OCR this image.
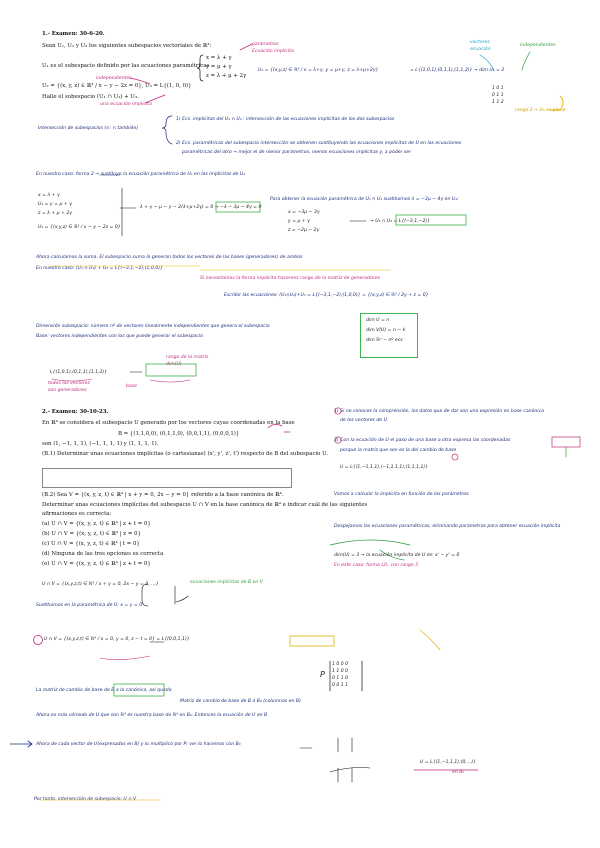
1.- Examen: 30-6-20.
Sean U₁, U₂ y U₃ los siguientes subespacios vectoriales de ℝ³:
U₁ es el subespacio definido por las ecuaciones paramétricas
x = λ + γ
y = μ + γ
z = λ + μ + 2γ
U₂ = {(x, y, z) ∈ ℝ³ / x − y − 2z = 0}, U₃ = L{(1, 0, 0)}
Halle el subespacio (U₁ ∩ U₂) + U₃.
parámetros
Ecuación implícita
independientes
una ecuación implícita
U₁ = {(x,y,z) ∈ ℝ³ / x = λ+γ, y = μ+γ, z = λ+μ+2γ}	= L{(1,0,1),(0,1,1),(1,1,2)} → dim U₁ = 2
vectores
ecuación
independientes
1 0 1
0 1 1
1 1 2
rango 2 → U₁ es plano
Intersección de subespacios (∩: ∩ también)
1) Ecs. implícitas del U₁ ∩ U₂ : intersección de las ecuaciones implícitas de los dos subespacios
2) Ecs. paramétricas del subespacio intersección se obtienen sustituyendo las ecuaciones implícitas de U en las ecuaciones
paramétricas del otro → mejor el de menor parámetros, menos ecuaciones implícitas y, a poder ser
En nuestro caso: forma 2 → sustituyo la ecuación paramétrica de U₁ en las implícitas de U₂
x = λ + γ
U₁ = y = μ + γ
z = λ + μ + 2γ
U₂ = {(x,y,z) ∈ ℝ³ / x − y − 2z = 0}
λ + γ − μ − γ − 2(λ+μ+2γ) = 0 → −λ − 3μ − 4γ = 0
Para obtener la ecuación paramétrica de U₁ ∩ U₂ sustituimos λ = −3μ − 4γ en U₁:
x = −3μ − 3γ
y = μ + γ
z = −2μ − 2γ
→ U₁ ∩ U₂ = L{(−3,1,−2)}
Ahora calculamos la suma. El subespacio suma lo generan todos los vectores de las bases (generadores) de ambos
En nuestro caso: (U₁ ∩ U₂) + U₃ = L{(−3,1,−2),(1,0,0)}
Si necesitamos la forma implícita hacemos rango de la matriz de generadores
Escribir las ecuaciones: (U₁∩U₂)+U₃ = L{(−3,1,−2),(1,0,0)} = {(x,y,z) ∈ ℝ³ / 2y + z = 0}
Dimensión subespacio: número nº de vectores linealmente independientes que genera el subespacio
Base: vectores independientes con los que puede generar el subespacio
dim U = n
dim V(U) = n − k
dim ℝⁿ − nº ecs
L{(1,0,1),(0,1,1),(1,1,2)}
todos los vectores
son generadores
base
rango de la matriz
dim(U)
2.- Examen: 30-10-23.
En ℝ⁴ se considera el subespacio U generado por los vectores cuyas coordenadas en la base
B = {(1,1,0,0), (0,1,1,0), (0,0,1,1), (0,0,0,1)}
son (1, −1, 1, 1), (−1, 1, 1, 1) y (1, 1, 1, 1).
(B.1) Determinar unas ecuaciones implícitas (o cartesianas) (x', y', z', t') respecto de B del subespacio U.
(B.2) Sea V = {(x, y, z, t) ∈ ℝ⁴ | x + y = 0, 2x − y = 0} referido a la base canónica de ℝ⁴.
Determinar unas ecuaciones implícitas del subespacio U ∩ V en la base canónica de ℝ⁴ e indicar cuál de las siguientes
afirmaciones es correcta:
(a) U ∩ V = {(x, y, z, t) ∈ ℝ⁴ | z + t = 0}
(b) U ∩ V = {(x, y, z, t) ∈ ℝ⁴ | z = 0}
(c) U ∩ V = {(x, y, z, t) ∈ ℝ⁴ | t = 0}
(d) Ninguna de las tres opciones es correcta
(e) U ∩ V = {(x, y, z, t) ∈ ℝ⁴ | z + t = 0}
1) Si no conoces la comprensión, los datos que de dar son una expresión en base canónica
de los vectores de U
2) Con la ecuación de U el paso de una base a otra expresa las coordenadas
porque la matriz que son es la del cambio de base
U = L{(1,−1,1,1),(−1,1,1,1),(1,1,1,1)}
Vamos a calcular la implícita en función de los parámetros
Despejamos las ecuaciones paramétricas, eliminando parámetros para obtener ecuación implícita
dim(U) = 3 → la ecuación implícita de U es: x' − y' = 0
En este caso: forma (2), con rango 3
U ∩ V = {(x,y,z,t) ∈ ℝ⁴ / x + y = 0, 2x − y = 0, …}
Sustituimos en la paramétrica de U: x = y = 0
ecuaciones implícitas de B en V
U ∩ V = {(x,y,z,t) ∈ ℝ⁴ / x = 0, y = 0, z − t = 0} = L{(0,0,1,1)}
P
1 0 0 0
1 1 0 0
0 1 1 0
0 0 1 1
La matriz de cambio de base de B a la canónica, así queda
Matriz de cambio de base de B a B₀ (columnas en B)
Ahora es más cómodo de U que son ℝ⁴ es nuestra base de ℝ⁴ en B₀. Entonces la ecuación de U en B
Ahora de cada vector de U(expresados en B) y lo multiplico por P: ver lo hacemos con B₀
U = L{(1,−1,1,1),(0,…)}
en B₀
Por tanto, intersección de subespacio: U ∩ V
